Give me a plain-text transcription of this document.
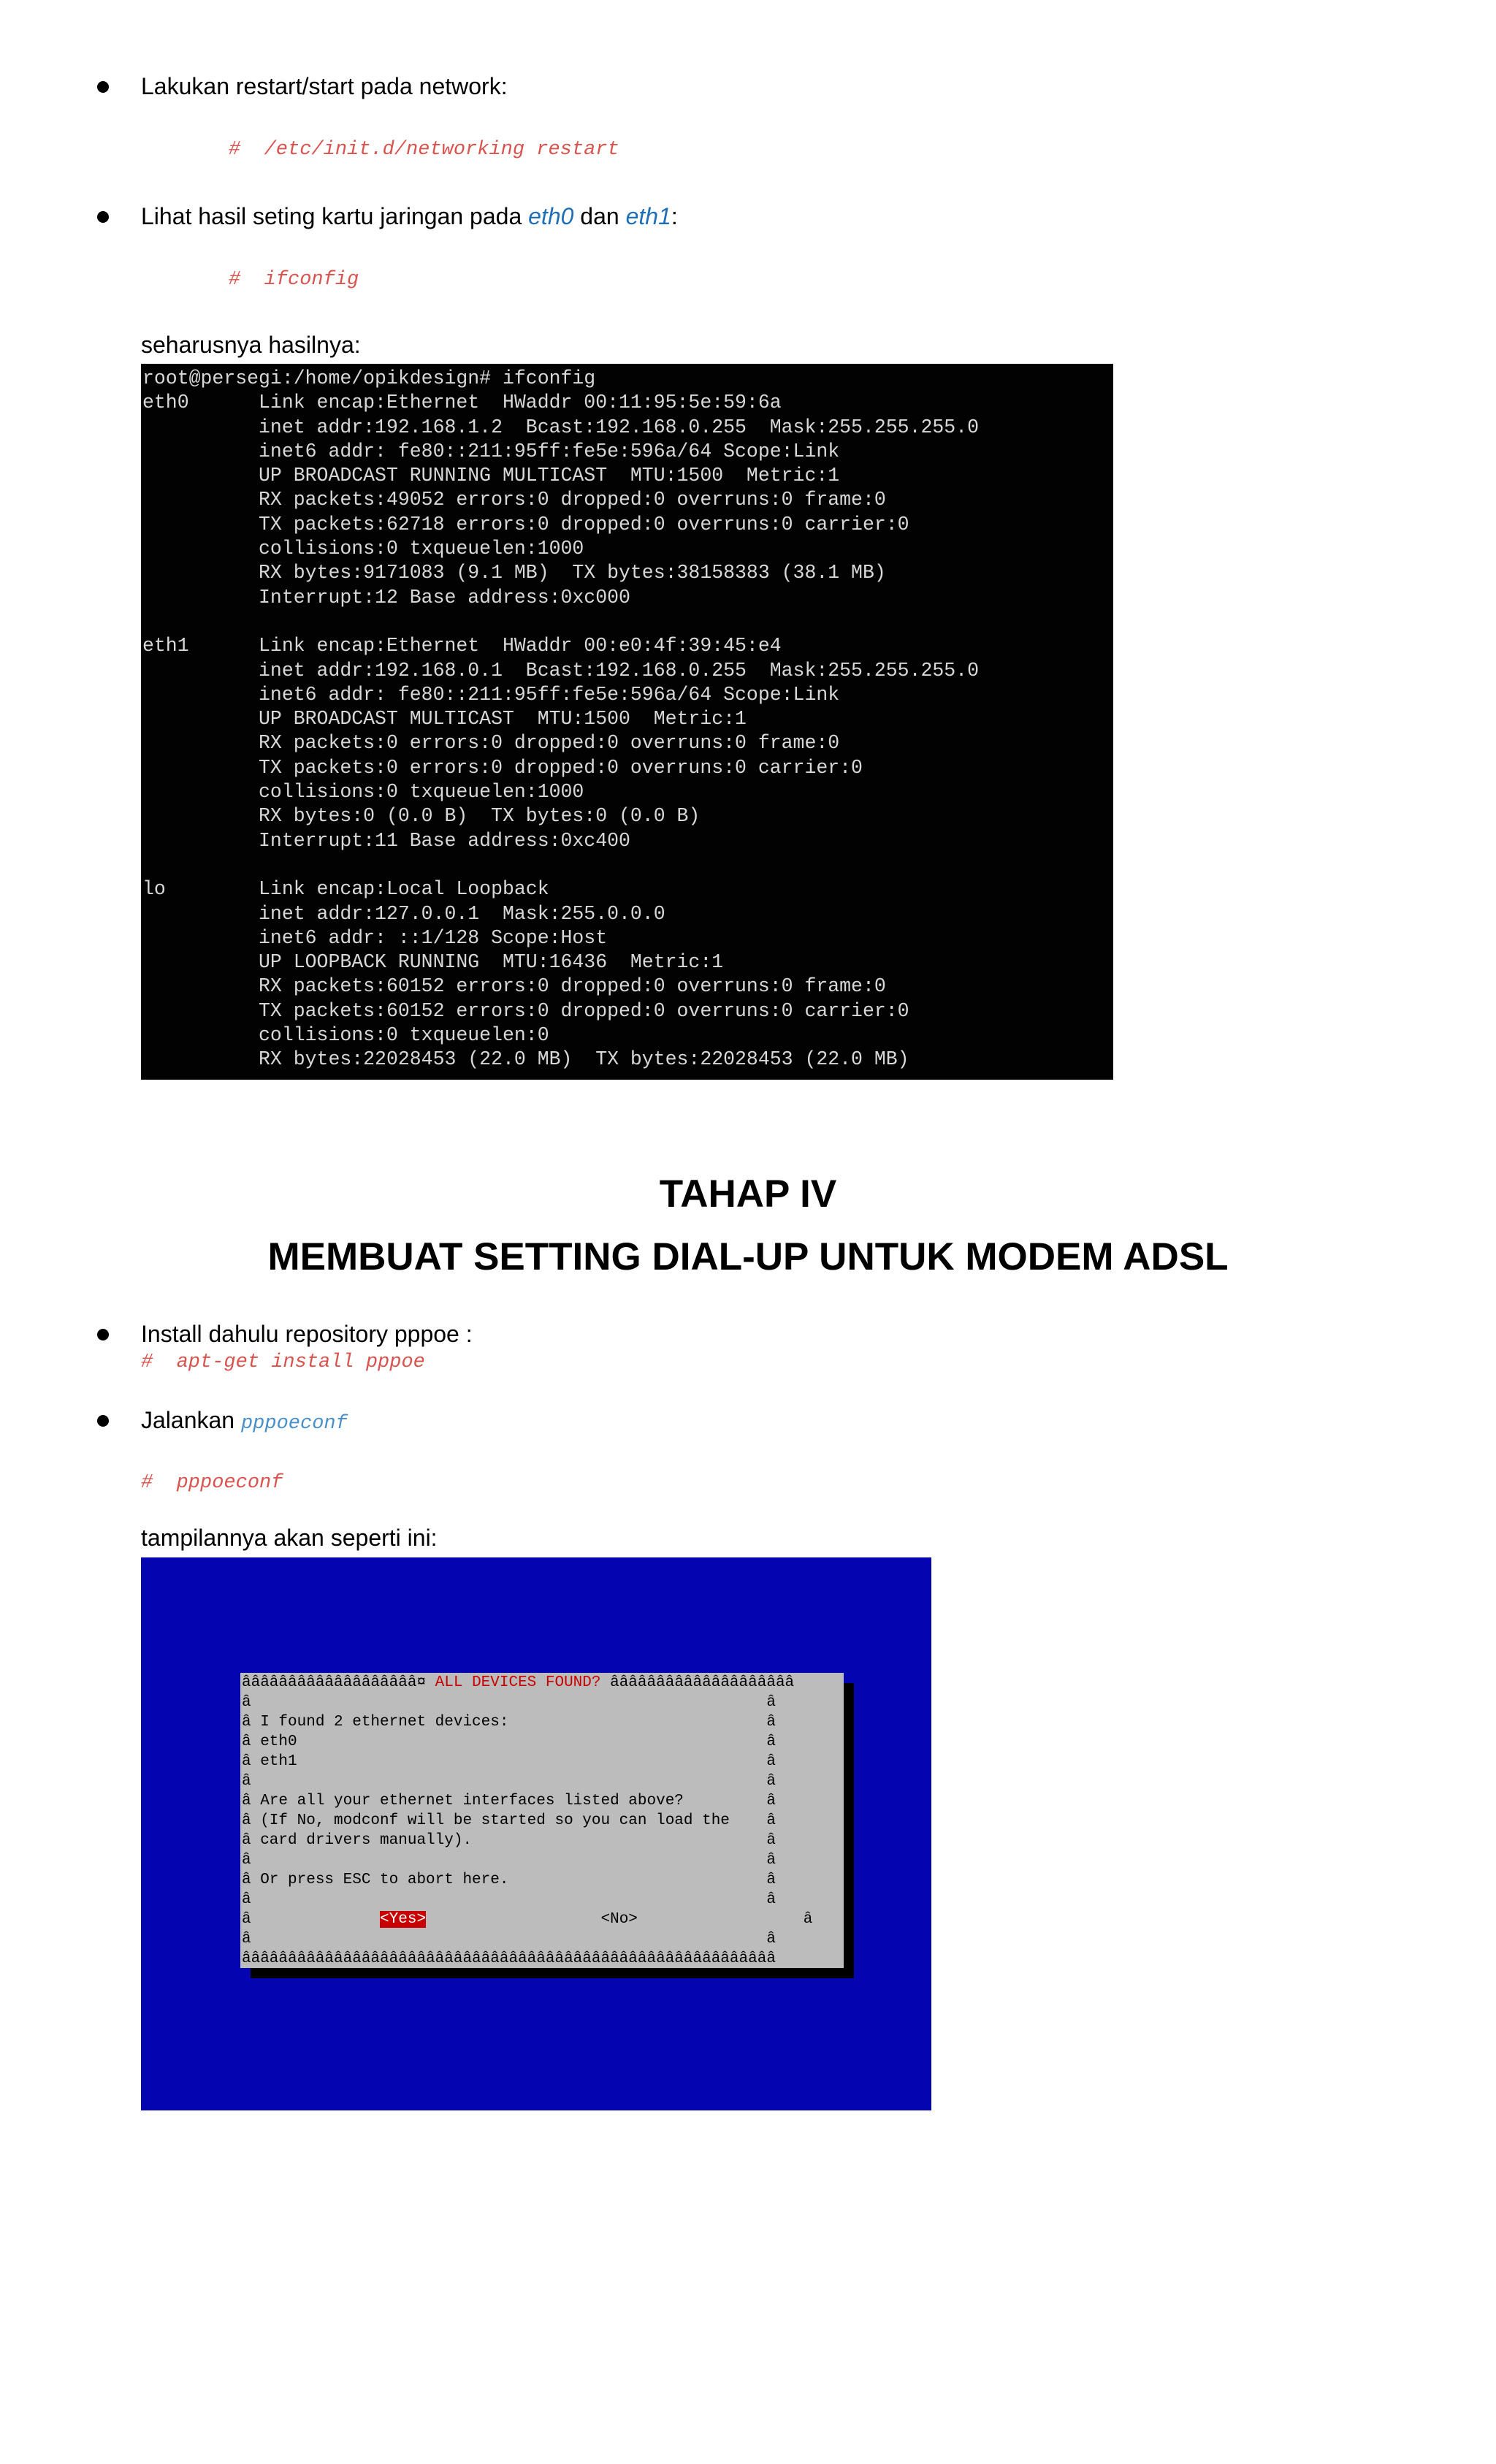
Lakukan restart/start pada network:
#  /etc/init.d/networking restart
Lihat hasil seting kartu jaringan pada eth0 dan eth1:
#  ifconfig
seharusnya hasilnya:
root@persegi:/home/opikdesign# ifconfig
eth0      Link encap:Ethernet  HWaddr 00:11:95:5e:59:6a
inet addr:192.168.1.2  Bcast:192.168.0.255  Mask:255.255.255.0
inet6 addr: fe80::211:95ff:fe5e:596a/64 Scope:Link
UP BROADCAST RUNNING MULTICAST  MTU:1500  Metric:1
RX packets:49052 errors:0 dropped:0 overruns:0 frame:0
TX packets:62718 errors:0 dropped:0 overruns:0 carrier:0
collisions:0 txqueuelen:1000
RX bytes:9171083 (9.1 MB)  TX bytes:38158383 (38.1 MB)
Interrupt:12 Base address:0xc000

eth1      Link encap:Ethernet  HWaddr 00:e0:4f:39:45:e4
inet addr:192.168.0.1  Bcast:192.168.0.255  Mask:255.255.255.0
inet6 addr: fe80::211:95ff:fe5e:596a/64 Scope:Link
UP BROADCAST MULTICAST  MTU:1500  Metric:1
RX packets:0 errors:0 dropped:0 overruns:0 frame:0
TX packets:0 errors:0 dropped:0 overruns:0 carrier:0
collisions:0 txqueuelen:1000
RX bytes:0 (0.0 B)  TX bytes:0 (0.0 B)
Interrupt:11 Base address:0xc400

lo        Link encap:Local Loopback
inet addr:127.0.0.1  Mask:255.0.0.0
inet6 addr: ::1/128 Scope:Host
UP LOOPBACK RUNNING  MTU:16436  Metric:1
RX packets:60152 errors:0 dropped:0 overruns:0 frame:0
TX packets:60152 errors:0 dropped:0 overruns:0 carrier:0
collisions:0 txqueuelen:0
RX bytes:22028453 (22.0 MB)  TX bytes:22028453 (22.0 MB)

TAHAP IV
MEMBUAT SETTING DIAL-UP UNTUK MODEM ADSL
Install dahulu repository pppoe :
#  apt-get install pppoe
Jalankan pppoeconf
#  pppoeconf
tampilannya akan seperti ini:
âââââââââââââââââââ¤ ALL DEVICES FOUND? ââââââââââââââââââââ
â                                                        â
â I found 2 ethernet devices:                            â
â eth0                                                   â
â eth1                                                   â
â                                                        â
â Are all your ethernet interfaces listed above?         â
â (If No, modconf will be started so you can load the    â
â card drivers manually).                                â
â                                                        â
â Or press ESC to abort here.                            â
â                                                        â
â              <Yes>	<No>                  â
â                                                        â
ââââââââââââââââââââââââââââââââââââââââââââââââââââââââââ
